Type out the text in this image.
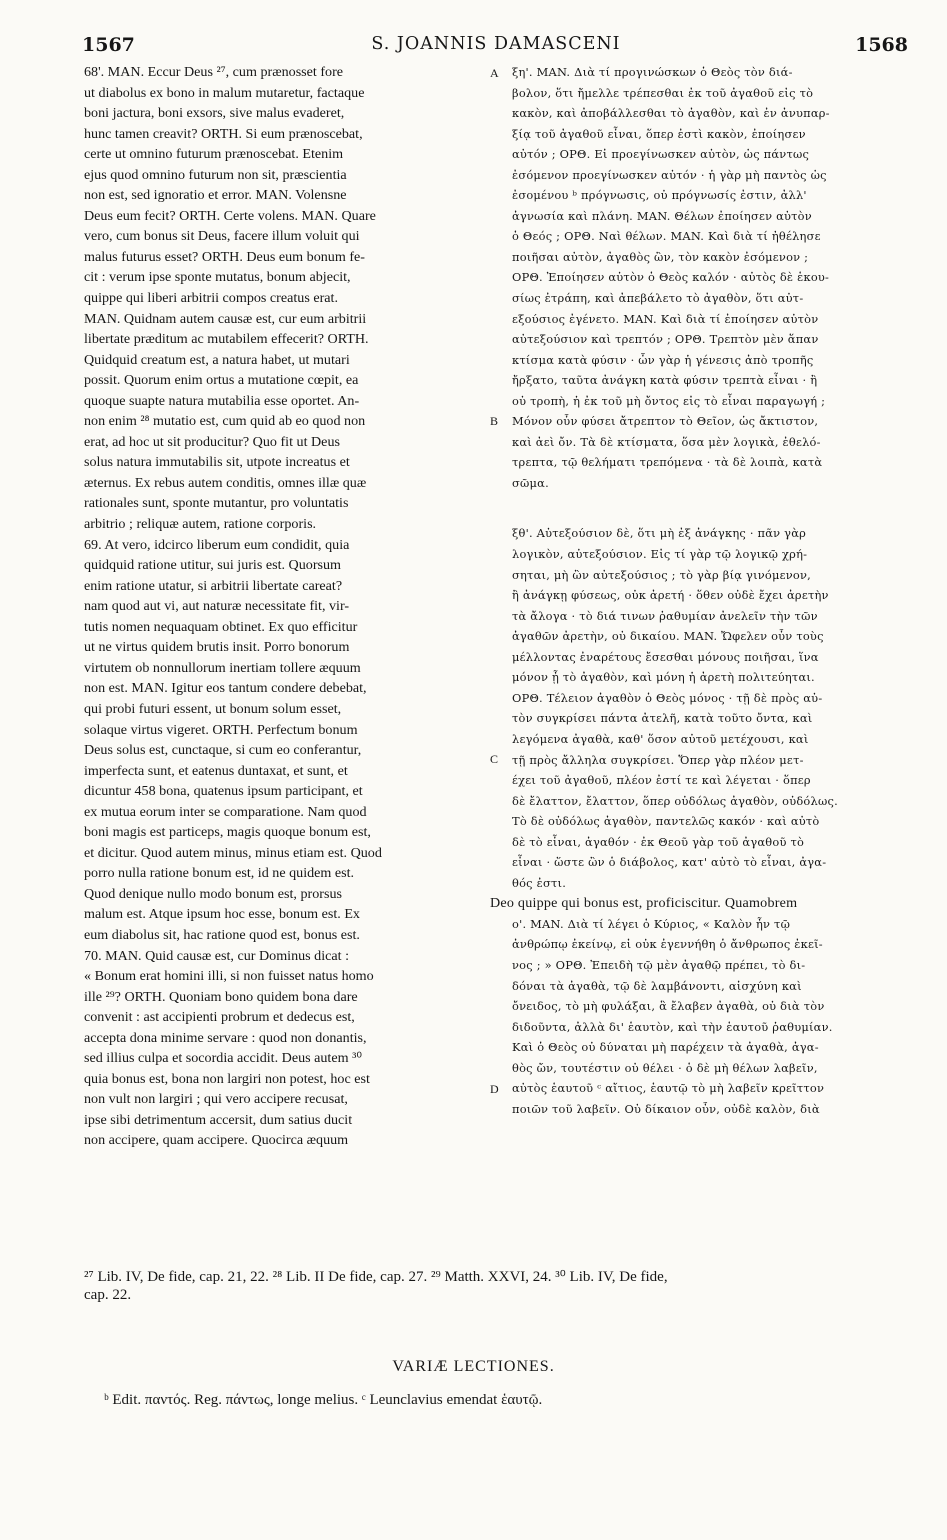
1567	S. JOANNIS DAMASCENI	1568
68'. MAN. Eccur Deus ²⁷, cum prænosset fore
ut diabolus ex bono in malum mutaretur, factaque
boni jactura, boni exsors, sive malus evaderet,
hunc tamen creavit? ORTH. Si eum prænoscebat,
certe ut omnino futurum prænoscebat. Etenim
ejus quod omnino futurum non sit, præscientia
non est, sed ignoratio et error. MAN. Volensne
Deus eum fecit? ORTH. Certe volens. MAN. Quare
vero, cum bonus sit Deus, facere illum voluit qui
malus futurus esset? ORTH. Deus eum bonum fe-
cit : verum ipse sponte mutatus, bonum abjecit,
quippe qui liberi arbitrii compos creatus erat.
MAN. Quidnam autem causæ est, cur eum arbitrii
libertate præditum ac mutabilem effecerit? ORTH.
Quidquid creatum est, a natura habet, ut mutari
possit. Quorum enim ortus a mutatione cœpit, ea
quoque suapte natura mutabilia esse oportet. An-
non enim ²⁸ mutatio est, cum quid ab eo quod non
erat, ad hoc ut sit producitur? Quo fit ut Deus
solus natura immutabilis sit, utpote increatus et
æternus. Ex rebus autem conditis, omnes illæ quæ
rationales sunt, sponte mutantur, pro voluntatis
arbitrio ; reliquæ autem, ratione corporis.
69. At vero, idcirco liberum eum condidit, quia
quidquid ratione utitur, sui juris est. Quorsum
enim ratione utatur, si arbitrii libertate careat?
nam quod aut vi, aut naturæ necessitate fit, vir-
tutis nomen nequaquam obtinet. Ex quo efficitur
ut ne virtus quidem brutis insit. Porro bonorum
virtutem ob nonnullorum inertiam tollere æquum
non est. MAN. Igitur eos tantum condere debebat,
qui probi futuri essent, ut bonum solum esset,
solaque virtus vigeret. ORTH. Perfectum bonum
Deus solus est, cunctaque, si cum eo conferantur,
imperfecta sunt, et eatenus duntaxat, et sunt, et
dicuntur 458 bona, quatenus ipsum participant, et
ex mutua eorum inter se comparatione. Nam quod
boni magis est particeps, magis quoque bonum est,
et dicitur. Quod autem minus, minus etiam est. Quod
porro nulla ratione bonum est, id ne quidem est.
Quod denique nullo modo bonum est, prorsus
malum est. Atque ipsum hoc esse, bonum est. Ex
eum diabolus sit, hac ratione quod est, bonus est.
70. MAN. Quid causæ est, cur Dominus dicat :
« Bonum erat homini illi, si non fuisset natus homo
ille ²⁹? ORTH. Quoniam bono quidem bona dare
convenit : ast accipienti probrum et dedecus est,
accepta dona minime servare : quod non donantis,
sed illius culpa et socordia accidit. Deus autem ³⁰
quia bonus est, bona non largiri non potest, hoc est
non vult non largiri ; qui vero accipere recusat,
ipse sibi detrimentum accersit, dum satius ducit
non accipere, quam accipere. Quocirca æquum
ξη'. MAN. Διὰ τί προγινώσκων ὁ Θεὸς τὸν διά-
βολον, ὅτι ἤμελλε τρέπεσθαι ἐκ τοῦ ἀγαθοῦ εἰς τὸ
κακὸν, καὶ ἀποβάλλεσθαι τὸ ἀγαθὸν, καὶ ἐν ἀνυπαρ-
ξίᾳ τοῦ ἀγαθοῦ εἶναι, ὅπερ ἐστὶ κακὸν, ἐποίησεν
αὐτόν ; ΟΡΘ. Εἰ προεγίνωσκεν αὐτὸν, ὡς πάντως
ἐσόμενον προεγίνωσκεν αὐτόν · ἡ γὰρ μὴ παντὸς ὡς
ἐσομένου ᵇ πρόγνωσις, οὐ πρόγνωσίς ἐστιν, ἀλλ'
ἀγνωσία καὶ πλάνη. MAN. Θέλων ἐποίησεν αὐτὸν
ὁ Θεός ; ΟΡΘ. Ναὶ θέλων. MAN. Καὶ διὰ τί ἠθέλησε
ποιῆσαι αὐτὸν, ἀγαθὸς ὢν, τὸν κακὸν ἐσόμενον ;
ΟΡΘ. Ἐποίησεν αὐτὸν ὁ Θεὸς καλόν · αὐτὸς δὲ ἑκου-
σίως ἐτράπη, καὶ ἀπεβάλετο τὸ ἀγαθὸν, ὅτι αὐτ-
εξούσιος ἐγένετο. MAN. Καὶ διὰ τί ἐποίησεν αὐτὸν
αὐτεξούσιον καὶ τρεπτόν ; ΟΡΘ. Τρεπτὸν μὲν ἅπαν
κτίσμα κατὰ φύσιν · ὧν γὰρ ἡ γένεσις ἀπὸ τροπῆς
ἤρξατο, ταῦτα ἀνάγκη κατὰ φύσιν τρεπτὰ εἶναι · ἢ
οὐ τροπὴ, ἡ ἐκ τοῦ μὴ ὄντος εἰς τὸ εἶναι παραγωγή ;
Μόνον οὖν φύσει ἄτρεπτον τὸ Θεῖον, ὡς ἄκτιστον,
καὶ ἀεὶ ὄν. Τὰ δὲ κτίσματα, ὅσα μὲν λογικὰ, ἐθελό-
τρεπτα, τῷ θελήματι τρεπόμενα · τὰ δὲ λοιπὰ, κατὰ
σῶμα.
ξθ'. Αὐτεξούσιον δὲ, ὅτι μὴ ἐξ ἀνάγκης · πᾶν γὰρ
λογικὸν, αὐτεξούσιον. Εἰς τί γὰρ τῷ λογικῷ χρή-
σηται, μὴ ὢν αὐτεξούσιος ; τὸ γὰρ βίᾳ γινόμενον,
ἢ ἀνάγκῃ φύσεως, οὐκ ἀρετή · ὅθεν οὐδὲ ἔχει ἀρετὴν
τὰ ἄλογα · τὸ διά τινων ῥαθυμίαν ἀνελεῖν τὴν τῶν
ἀγαθῶν ἀρετὴν, οὐ δικαίου. MAN. Ὤφελεν οὖν τοὺς
μέλλοντας ἐναρέτους ἔσεσθαι μόνους ποιῆσαι, ἵνα
μόνον ᾖ τὸ ἀγαθὸν, καὶ μόνη ἡ ἀρετὴ πολιτεύηται.
ΟΡΘ. Τέλειον ἀγαθὸν ὁ Θεὸς μόνος · τῇ δὲ πρὸς αὐ-
τὸν συγκρίσει πάντα ἀτελῆ, κατὰ τοῦτο ὄντα, καὶ
λεγόμενα ἀγαθὰ, καθ' ὅσον αὐτοῦ μετέχουσι, καὶ
τῇ πρὸς ἄλληλα συγκρίσει. Ὅπερ γὰρ πλέον μετ-
έχει τοῦ ἀγαθοῦ, πλέον ἐστί τε καὶ λέγεται · ὅπερ
δὲ ἔλαττον, ἔλαττον, ὅπερ οὐδόλως ἀγαθὸν, οὐδόλως.
Τὸ δὲ οὐδόλως ἀγαθὸν, παντελῶς κακόν · καὶ αὐτὸ
δὲ τὸ εἶναι, ἀγαθόν · ἐκ Θεοῦ γὰρ τοῦ ἀγαθοῦ τὸ
εἶναι · ὥστε ὢν ὁ διάβολος, κατ' αὐτὸ τὸ εἶναι, ἀγα-
θός ἐστι.
Deo quippe qui bonus est, proficiscitur. Quamobrem
ο'. MAN. Διὰ τί λέγει ὁ Κύριος, « Καλὸν ἦν τῷ
ἀνθρώπῳ ἐκείνῳ, εἰ οὐκ ἐγεννήθη ὁ ἄνθρωπος ἐκεῖ-
νος ; » ΟΡΘ. Ἐπειδὴ τῷ μὲν ἀγαθῷ πρέπει, τὸ δι-
δόναι τὰ ἀγαθὰ, τῷ δὲ λαμβάνοντι, αἰσχύνη καὶ
ὄνειδος, τὸ μὴ φυλάξαι, ἃ ἔλαβεν ἀγαθὰ, οὐ διὰ τὸν
διδοῦντα, ἀλλὰ δι' ἑαυτὸν, καὶ τὴν ἑαυτοῦ ῥαθυμίαν.
Καὶ ὁ Θεὸς οὐ δύναται μὴ παρέχειν τὰ ἀγαθὰ, ἀγα-
θὸς ὤν, τουτέστιν οὐ θέλει · ὁ δὲ μὴ θέλων λαβεῖν,
αὐτὸς ἑαυτοῦ ᶜ αἴτιος, ἑαυτῷ τὸ μὴ λαβεῖν κρεῖττον
ποιῶν τοῦ λαβεῖν. Οὐ δίκαιον οὖν, οὐδὲ καλὸν, διὰ
A
B
C
D
²⁷ Lib. IV, De fide, cap. 21, 22. ²⁸ Lib. II De fide, cap. 27. ²⁹ Matth. XXVI, 24. ³⁰ Lib. IV, De fide,
cap. 22.
VARIÆ LECTIONES.
ᵇ Edit. παντός. Reg. πάντως, longe melius. ᶜ Leunclavius emendat ἑαυτῷ.
